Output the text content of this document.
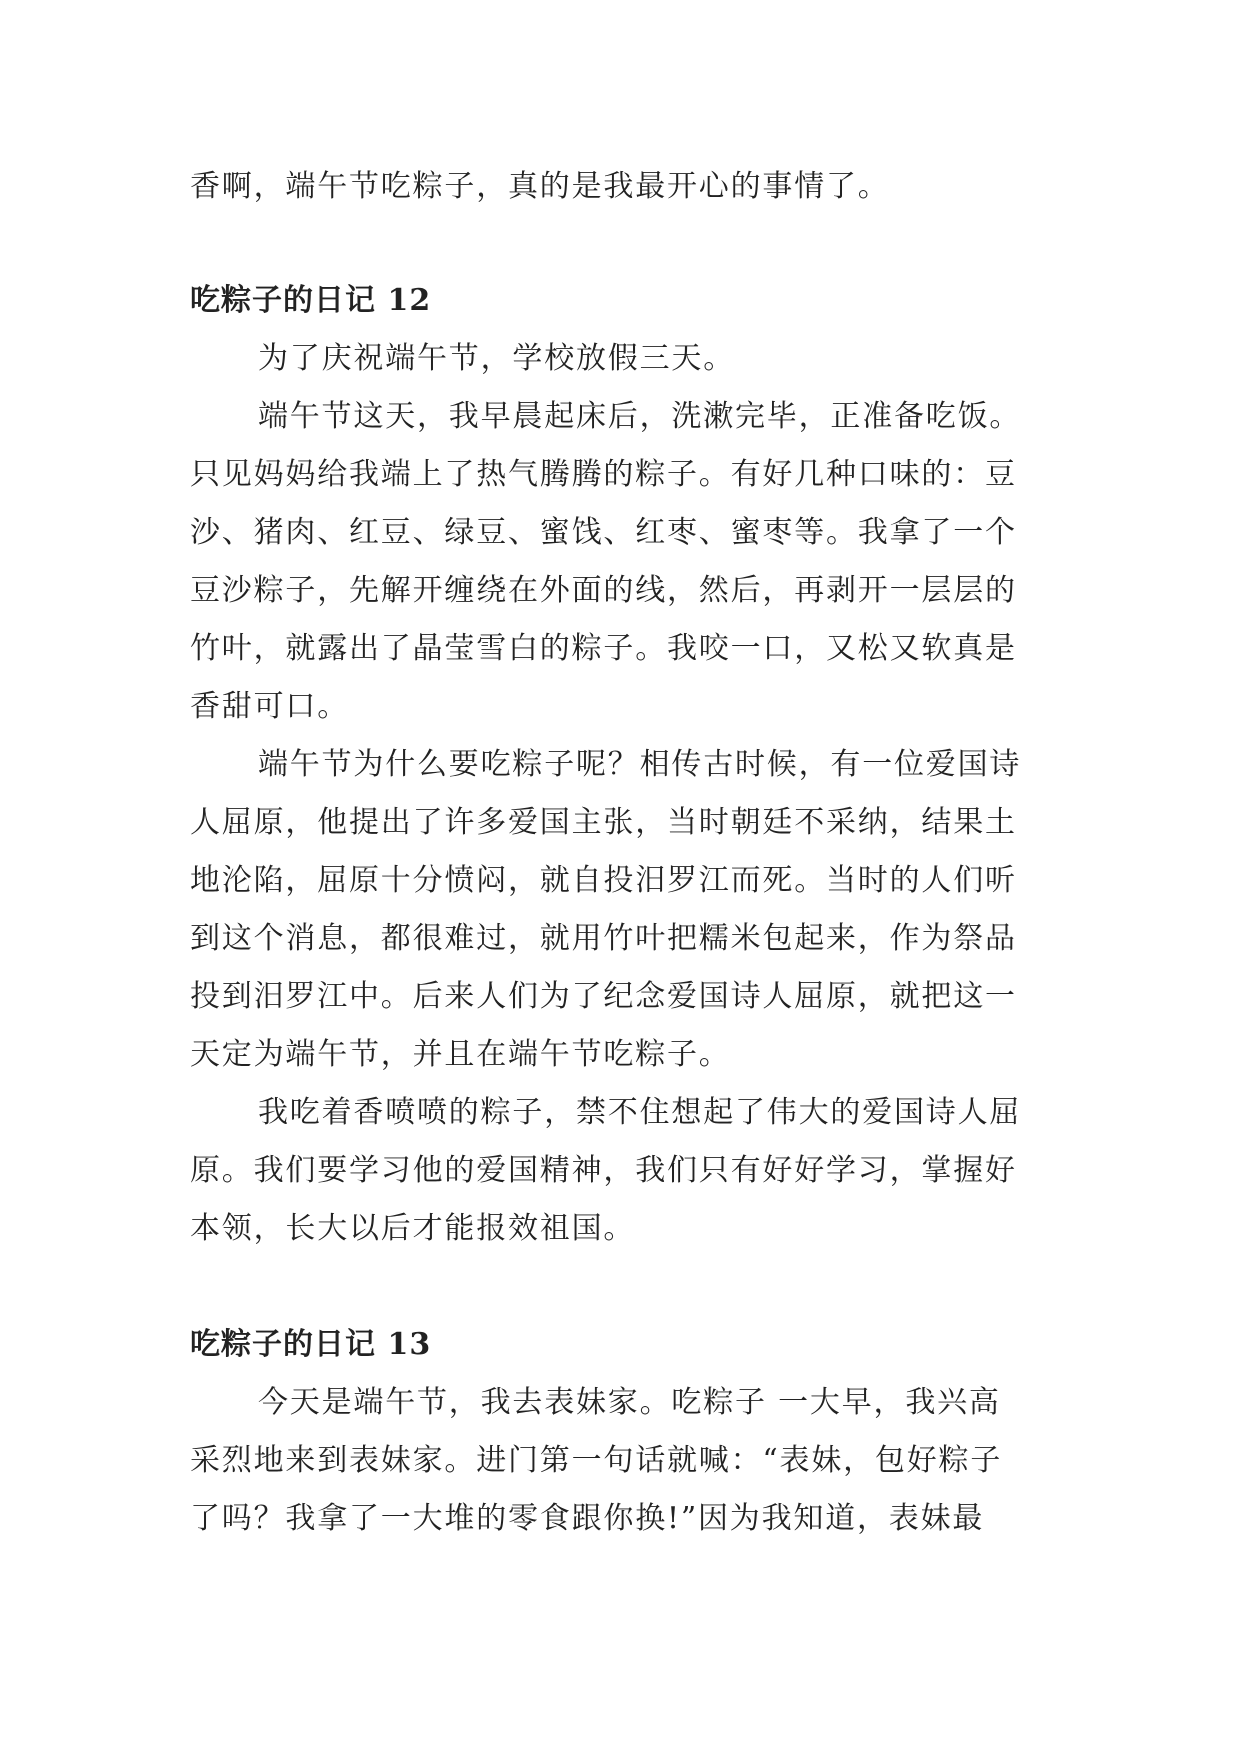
香啊，端午节吃粽子，真的是我最开心的事情了。

吃粽子的日记 12

为了庆祝端午节，学校放假三天。

端午节这天，我早晨起床后，洗漱完毕，正准备吃饭。

只见妈妈给我端上了热气腾腾的粽子。有好几种口味的：豆

沙、猪肉、红豆、绿豆、蜜饯、红枣、蜜枣等。我拿了一个

豆沙粽子，先解开缠绕在外面的线，然后，再剥开一层层的

竹叶，就露出了晶莹雪白的粽子。我咬一口，又松又软真是

香甜可口。

端午节为什么要吃粽子呢？相传古时候，有一位爱国诗

人屈原，他提出了许多爱国主张，当时朝廷不采纳，结果土

地沦陷，屈原十分愤闷，就自投汨罗江而死。当时的人们听

到这个消息，都很难过，就用竹叶把糯米包起来，作为祭品

投到汨罗江中。后来人们为了纪念爱国诗人屈原，就把这一

天定为端午节，并且在端午节吃粽子。

我吃着香喷喷的粽子，禁不住想起了伟大的爱国诗人屈

原。我们要学习他的爱国精神，我们只有好好学习，掌握好

本领，长大以后才能报效祖国。

吃粽子的日记 13

今天是端午节，我去表妹家。吃粽子 一大早，我兴高

采烈地来到表妹家。进门第一句话就喊：“表妹，包好粽子

了吗？我拿了一大堆的零食跟你换!”因为我知道，表妹最
